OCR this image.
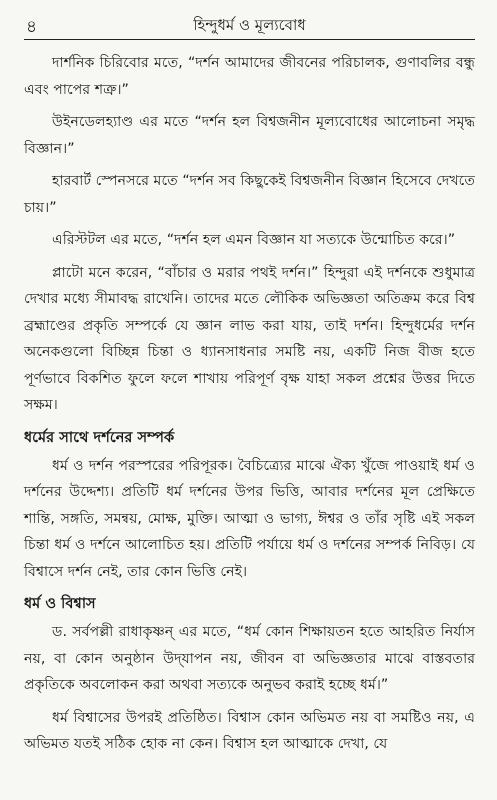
৪	হিন্দুধর্ম ও মূল্যবোধ

দার্শনিক চিরিবোর মতে, “দর্শন আমাদের জীবনের পরিচালক, গুণাবলির বন্ধু এবং পাপের শত্রু।”

উইনডেলহ্যাণ্ড এর মতে “দর্শন হল বিশ্বজনীন মূল্যবোধের আলোচনা সমৃদ্ধ বিজ্ঞান।”

হারবার্ট স্পেনসরে মতে “দর্শন সব কিছুকেই বিশ্বজনীন বিজ্ঞান হিসেবে দেখতে চায়।”

এরিস্টটল এর মতে, “দর্শন হল এমন বিজ্ঞান যা সত্যকে উন্মোচিত করে।”

প্লাটো মনে করেন, “বাঁচার ও মরার পথই দর্শন।” হিন্দুরা এই দর্শনকে শুধুমাত্র দেখার মধ্যে সীমাবদ্ধ রাখেনি। তাদের মতে লৌকিক অভিজ্ঞতা অতিক্রম করে বিশ্ব ব্রহ্মাণ্ডের প্রকৃতি সম্পর্কে যে জ্ঞান লাভ করা যায়, তাই দর্শন। হিন্দুধর্মের দর্শন অনেকগুলো বিচ্ছিন্ন চিন্তা ও ধ্যানসাধনার সমষ্টি নয়, একটি নিজ বীজ হতে পূর্ণভাবে বিকশিত ফুলে ফলে শাখায় পরিপূর্ণ বৃক্ষ যাহা সকল প্রশ্নের উত্তর দিতে সক্ষম।

ধর্মের সাথে দর্শনের সম্পর্ক

ধর্ম ও দর্শন পরস্পরের পরিপূরক। বৈচিত্র্যের মাঝে ঐক্য খুঁজে পাওয়াই ধর্ম ও দর্শনের উদ্দেশ্য। প্রতিটি ধর্ম দর্শনের উপর ভিত্তি, আবার দর্শনের মূল প্রেক্ষিতে শান্তি, সঙ্গতি, সমন্বয়, মোক্ষ, মুক্তি। আত্মা ও ভাগ্য, ঈশ্বর ও তাঁর সৃষ্টি এই সকল চিন্তা ধর্ম ও দর্শনে আলোচিত হয়। প্রতিটি পর্যায়ে ধর্ম ও দর্শনের সম্পর্ক নিবিড়। যে বিশ্বাসে দর্শন নেই, তার কোন ভিত্তি নেই।

ধর্ম ও বিশ্বাস

ড. সর্বপল্লী রাধাকৃষ্ণন্ এর মতে, “ধর্ম কোন শিক্ষায়তন হতে আহরিত নির্যাস নয়, বা কোন অনুষ্ঠান উদ্‌যাপন নয়, জীবন বা অভিজ্ঞতার মাঝে বাস্তবতার প্রকৃতিকে অবলোকন করা অথবা সত্যকে অনুভব করাই হচ্ছে ধর্ম।”

ধর্ম বিশ্বাসের উপরই প্রতিষ্ঠিত। বিশ্বাস কোন অভিমত নয় বা সমষ্টিও নয়, এ অভিমত যতই সঠিক হোক না কেন। বিশ্বাস হল আত্মাকে দেখা, যে
